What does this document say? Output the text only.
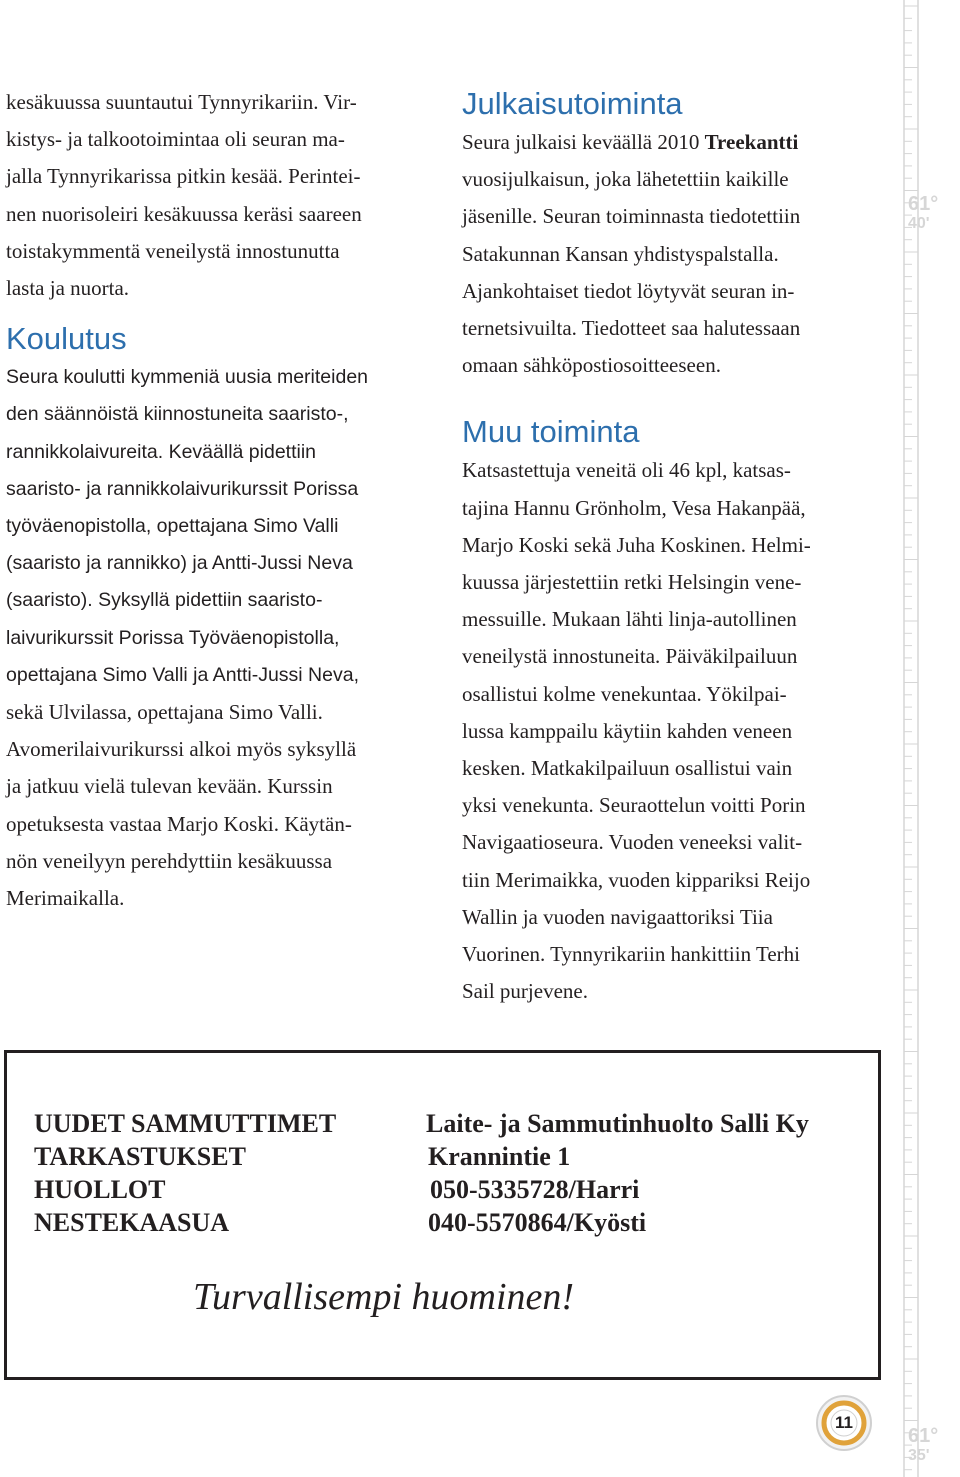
kesäkuussa suuntautui Tynnyrikariin. Vir-
kistys- ja talkootoimintaa oli seuran ma-
jalla Tynnyrikarissa pitkin kesää. Perintei-
nen nuorisoleiri kesäkuussa keräsi saareen
toistakymmentä veneilystä innostunutta
lasta ja nuorta.
Koulutus
Seura koulutti kymmeniä uusia meriteiden
den säännöistä kiinnostuneita saaristo-,
rannikkolaivureita. Keväällä pidettiin
saaristo- ja rannikkolaivurikurssit Porissa
työväenopistolla, opettajana Simo Valli
(saaristo ja rannikko) ja Antti-Jussi Neva
(saaristo). Syksyllä pidettiin saaristo-
laivurikurssit Porissa Työväenopistolla,
opettajana Simo Valli ja Antti-Jussi Neva,
sekä Ulvilassa, opettajana Simo Valli.
Avomerilaivurikurssi alkoi myös syksyllä
ja jatkuu vielä tulevan kevään. Kurssin
opetuksesta vastaa Marjo Koski. Käytän-
nön veneilyyn perehdyttiin kesäkuussa
Merimaikalla.
Julkaisutoiminta
Seura julkaisi keväällä 2010 Treekantti
vuosijulkaisun, joka lähetettiin kaikille
jäsenille. Seuran toiminnasta tiedotettiin
Satakunnan Kansan yhdistyspalstalla.
Ajankohtaiset tiedot löytyvät seuran in-
ternetsivuilta. Tiedotteet saa halutessaan
omaan sähköpostiosoitteeseen.
Muu toiminta
Katsastettuja veneitä oli 46 kpl, katsas-
tajina Hannu Grönholm, Vesa Hakanpää,
Marjo Koski sekä Juha Koskinen. Helmi-
kuussa järjestettiin retki Helsingin vene-
messuille. Mukaan lähti linja-autollinen
veneilystä innostuneita. Päiväkilpailuun
osallistui kolme venekuntaa. Yökilpai-
lussa kamppailu käytiin kahden veneen
kesken. Matkakilpailuun osallistui vain
yksi venekunta. Seuraottelun voitti Porin
Navigaatioseura. Vuoden veneeksi valit-
tiin Merimaikka, vuoden kippariksi Reijo
Wallin ja vuoden navigaattoriksi Tiia
Vuorinen. Tynnyrikariin hankittiin Terhi
Sail purjevene.
UUDET SAMMUTTIMET
TARKASTUKSET
HUOLLOT
NESTEKAASUA
Laite- ja Sammutinhuolto Salli Ky
Krannintie 1
050-5335728/Harri
040-5570864/Kyösti
Turvallisempi huominen!
61°
40'
61°
35'
11
